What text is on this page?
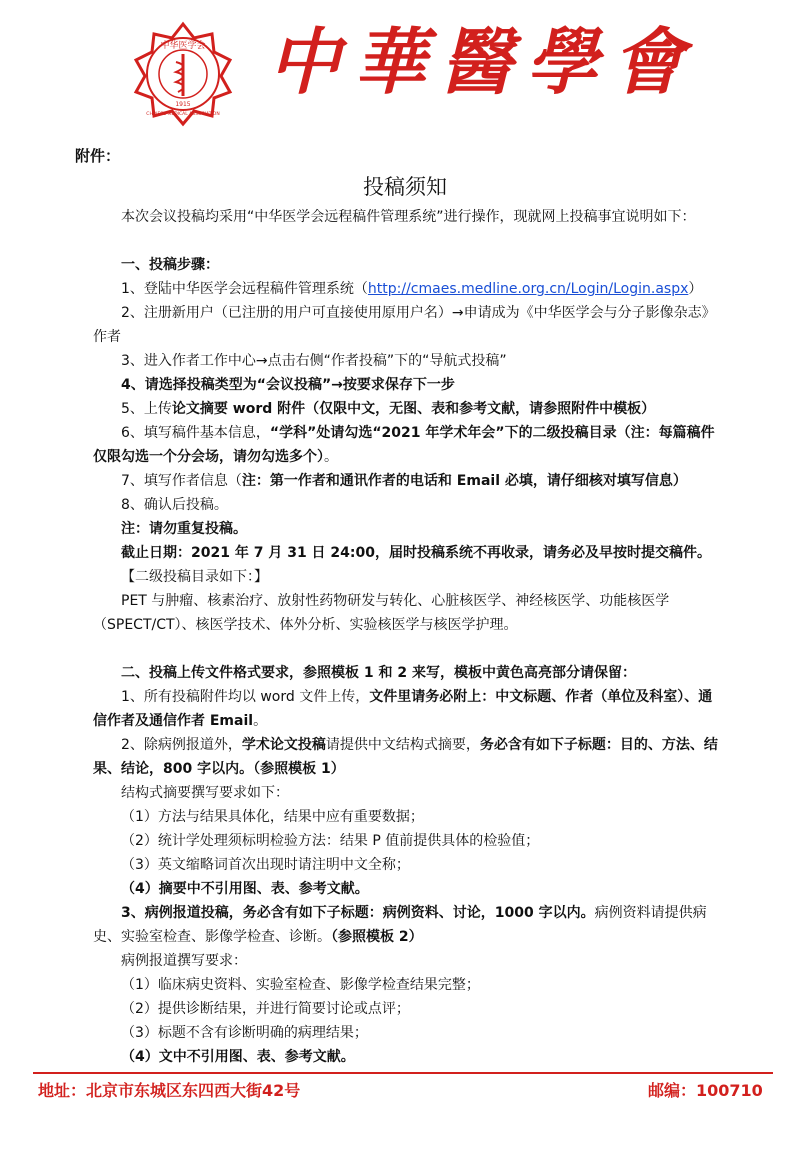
中华医学会
1915
CHINESE MEDICAL ASSOCIATION
中華醫學會
附件：
投稿须知

本次会议投稿均采用“中华医学会远程稿件管理系统”进行操作，现就网上投稿事宜说明如下：

一、投稿步骤：

1、登陆中华医学会远程稿件管理系统（http://cmaes.medline.org.cn/Login/Login.aspx）

2、注册新用户（已注册的用户可直接使用原用户名）→申请成为《中华医学会与分子影像杂志》作者

3、进入作者工作中心→点击右侧“作者投稿”下的“导航式投稿”

4、请选择投稿类型为“会议投稿”→按要求保存下一步

5、上传论文摘要 word 附件（仅限中文，无图、表和参考文献，请参照附件中模板）

6、填写稿件基本信息，“学科”处请勾选“2021 年学术年会”下的二级投稿目录（注：每篇稿件仅限勾选一个分会场，请勿勾选多个）。

7、填写作者信息（注：第一作者和通讯作者的电话和 Email 必填，请仔细核对填写信息）

8、确认后投稿。

注：请勿重复投稿。

截止日期：2021 年 7 月 31 日 24:00，届时投稿系统不再收录，请务必及早按时提交稿件。

【二级投稿目录如下：】

PET 与肿瘤、核素治疗、放射性药物研发与转化、心脏核医学、神经核医学、功能核医学（SPECT/CT）、核医学技术、体外分析、实验核医学与核医学护理。

二、投稿上传文件格式要求，参照模板 1 和 2 来写，模板中黄色高亮部分请保留：

1、所有投稿附件均以 word 文件上传，文件里请务必附上：中文标题、作者（单位及科室）、通信作者及通信作者 Email。

2、除病例报道外，学术论文投稿请提供中文结构式摘要，务必含有如下子标题：目的、方法、结果、结论，800 字以内。（参照模板 1）

结构式摘要撰写要求如下：

（1）方法与结果具体化，结果中应有重要数据；

（2）统计学处理须标明检验方法：结果 P 值前提供具体的检验值；

（3）英文缩略词首次出现时请注明中文全称；

（4）摘要中不引用图、表、参考文献。

3、病例报道投稿，务必含有如下子标题：病例资料、讨论，1000 字以内。病例资料请提供病史、实验室检查、影像学检查、诊断。（参照模板 2）

病例报道撰写要求：

（1）临床病史资料、实验室检查、影像学检查结果完整；

（2）提供诊断结果，并进行简要讨论或点评；

（3）标题不含有诊断明确的病理结果；

（4）文中不引用图、表、参考文献。

地址：北京市东城区东四西大街42号	邮编：100710
